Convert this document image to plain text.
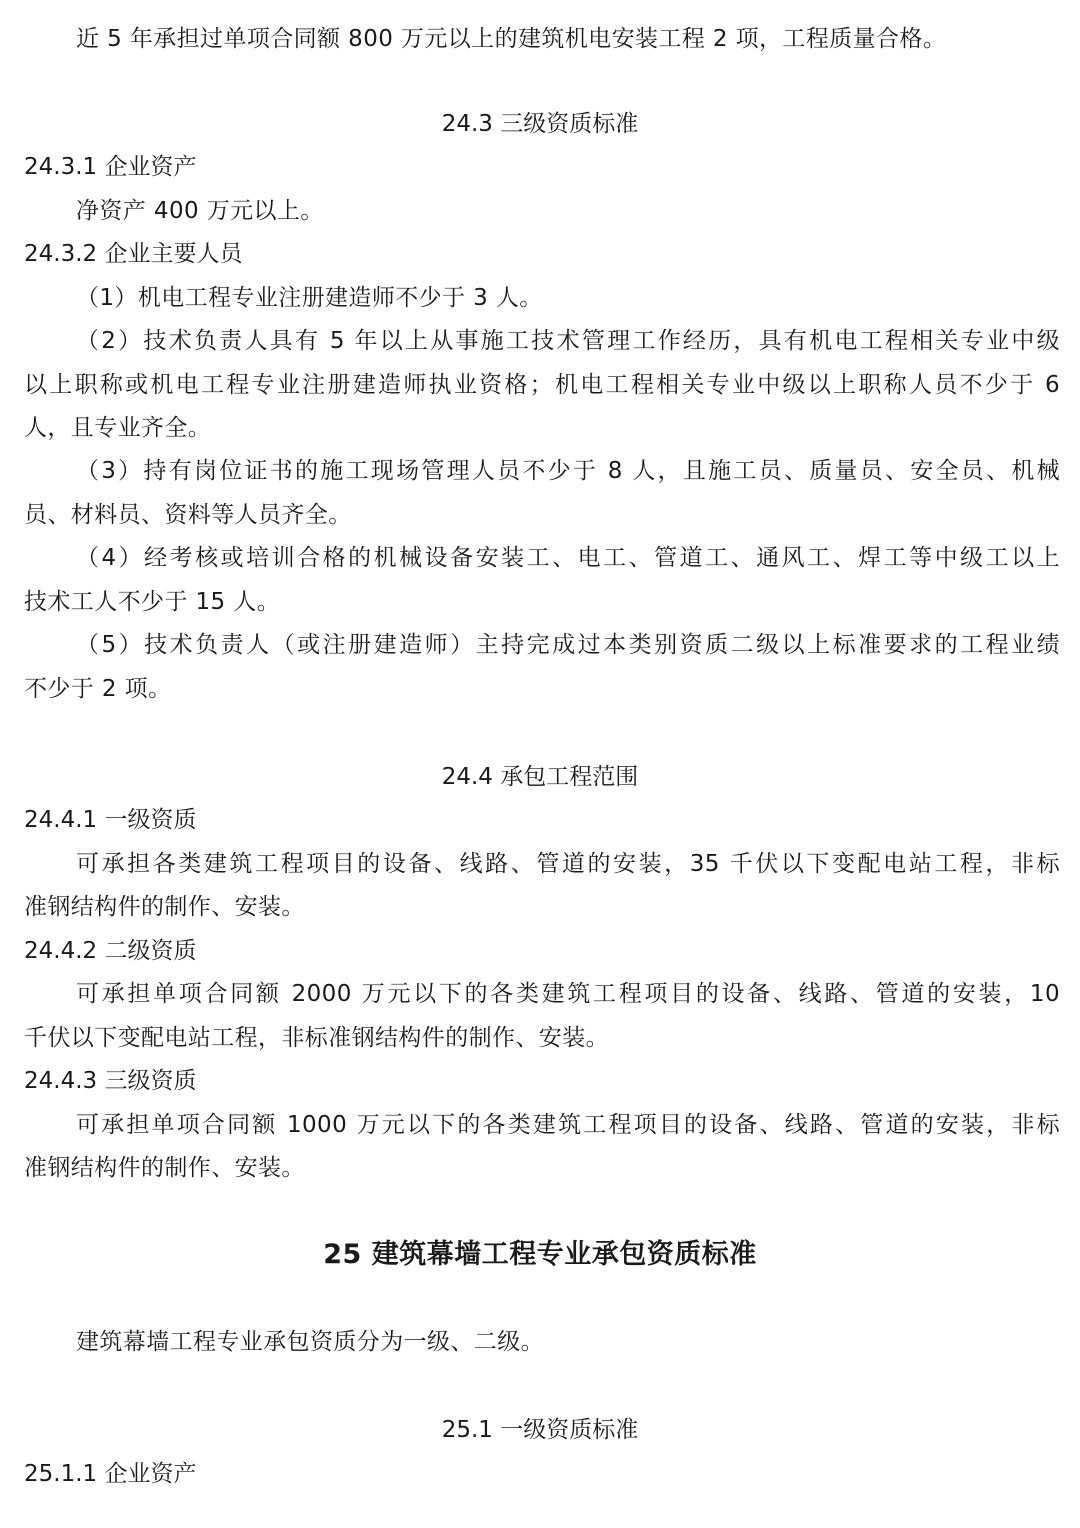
近 5 年承担过单项合同额 800 万元以上的建筑机电安装工程 2 项，工程质量合格。
24.3 三级资质标准
24.3.1 企业资产
净资产 400 万元以上。
24.3.2 企业主要人员
（1）机电工程专业注册建造师不少于 3 人。
（2）技术负责人具有 5 年以上从事施工技术管理工作经历，具有机电工程相关专业中级
以上职称或机电工程专业注册建造师执业资格；机电工程相关专业中级以上职称人员不少于 6
人，且专业齐全。
（3）持有岗位证书的施工现场管理人员不少于 8 人，且施工员、质量员、安全员、机械
员、材料员、资料等人员齐全。
（4）经考核或培训合格的机械设备安装工、电工、管道工、通风工、焊工等中级工以上
技术工人不少于 15 人。
（5）技术负责人（或注册建造师）主持完成过本类别资质二级以上标准要求的工程业绩
不少于 2 项。
24.4 承包工程范围
24.4.1 一级资质
可承担各类建筑工程项目的设备、线路、管道的安装，35 千伏以下变配电站工程，非标
准钢结构件的制作、安装。
24.4.2 二级资质
可承担单项合同额 2000 万元以下的各类建筑工程项目的设备、线路、管道的安装，10
千伏以下变配电站工程，非标准钢结构件的制作、安装。
24.4.3 三级资质
可承担单项合同额 1000 万元以下的各类建筑工程项目的设备、线路、管道的安装，非标
准钢结构件的制作、安装。
25 建筑幕墙工程专业承包资质标准
建筑幕墙工程专业承包资质分为一级、二级。
25.1 一级资质标准
25.1.1 企业资产
